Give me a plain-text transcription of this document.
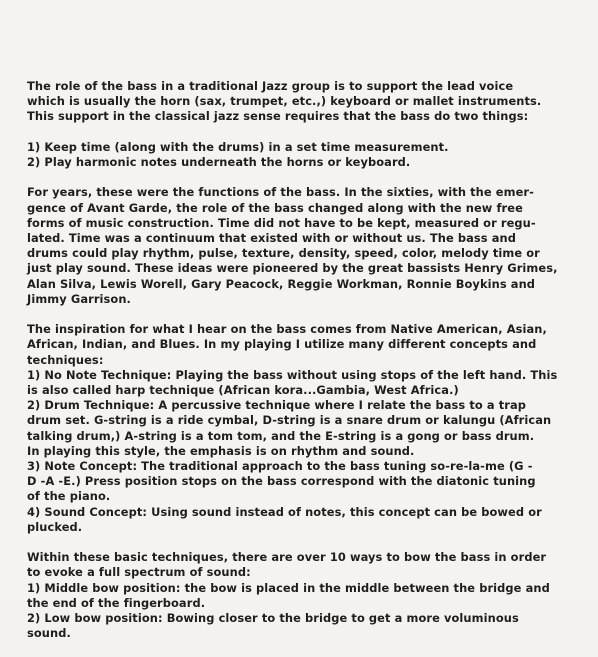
The role of the bass in a traditional Jazz group is to support the lead voice
which is usually the horn (sax, trumpet, etc.,) keyboard or mallet instruments.
This support in the classical jazz sense requires that the bass do two things:

1) Keep time (along with the drums) in a set time measurement.
2) Play harmonic notes underneath the horns or keyboard.

For years, these were the functions of the bass. In the sixties, with the emer-
gence of Avant Garde, the role of the bass changed along with the new free
forms of music construction. Time did not have to be kept, measured or regu-
lated. Time was a continuum that existed with or without us. The bass and
drums could play rhythm, pulse, texture, density, speed, color, melody time or
just play sound. These ideas were pioneered by the great bassists Henry Grimes,
Alan Silva, Lewis Worell, Gary Peacock, Reggie Workman, Ronnie Boykins and
Jimmy Garrison.

The inspiration for what I hear on the bass comes from Native American, Asian,
African, Indian, and Blues. In my playing I utilize many different concepts and
techniques:
1) No Note Technique: Playing the bass without using stops of the left hand. This
is also called harp technique (African kora...Gambia, West Africa.)
2) Drum Technique: A percussive technique where I relate the bass to a trap
drum set. G-string is a ride cymbal, D-string is a snare drum or kalungu (African
talking drum,) A-string is a tom tom, and the E-string is a gong or bass drum.
In playing this style, the emphasis is on rhythm and sound.
3) Note Concept: The traditional approach to the bass tuning so-re-la-me (G -
D -A -E.) Press position stops on the bass correspond with the diatonic tuning
of the piano.
4) Sound Concept: Using sound instead of notes, this concept can be bowed or
plucked.

Within these basic techniques, there are over 10 ways to bow the bass in order
to evoke a full spectrum of sound:
1) Middle bow position: the bow is placed in the middle between the bridge and
the end of the fingerboard.
2) Low bow position: Bowing closer to the bridge to get a more voluminous
sound.
